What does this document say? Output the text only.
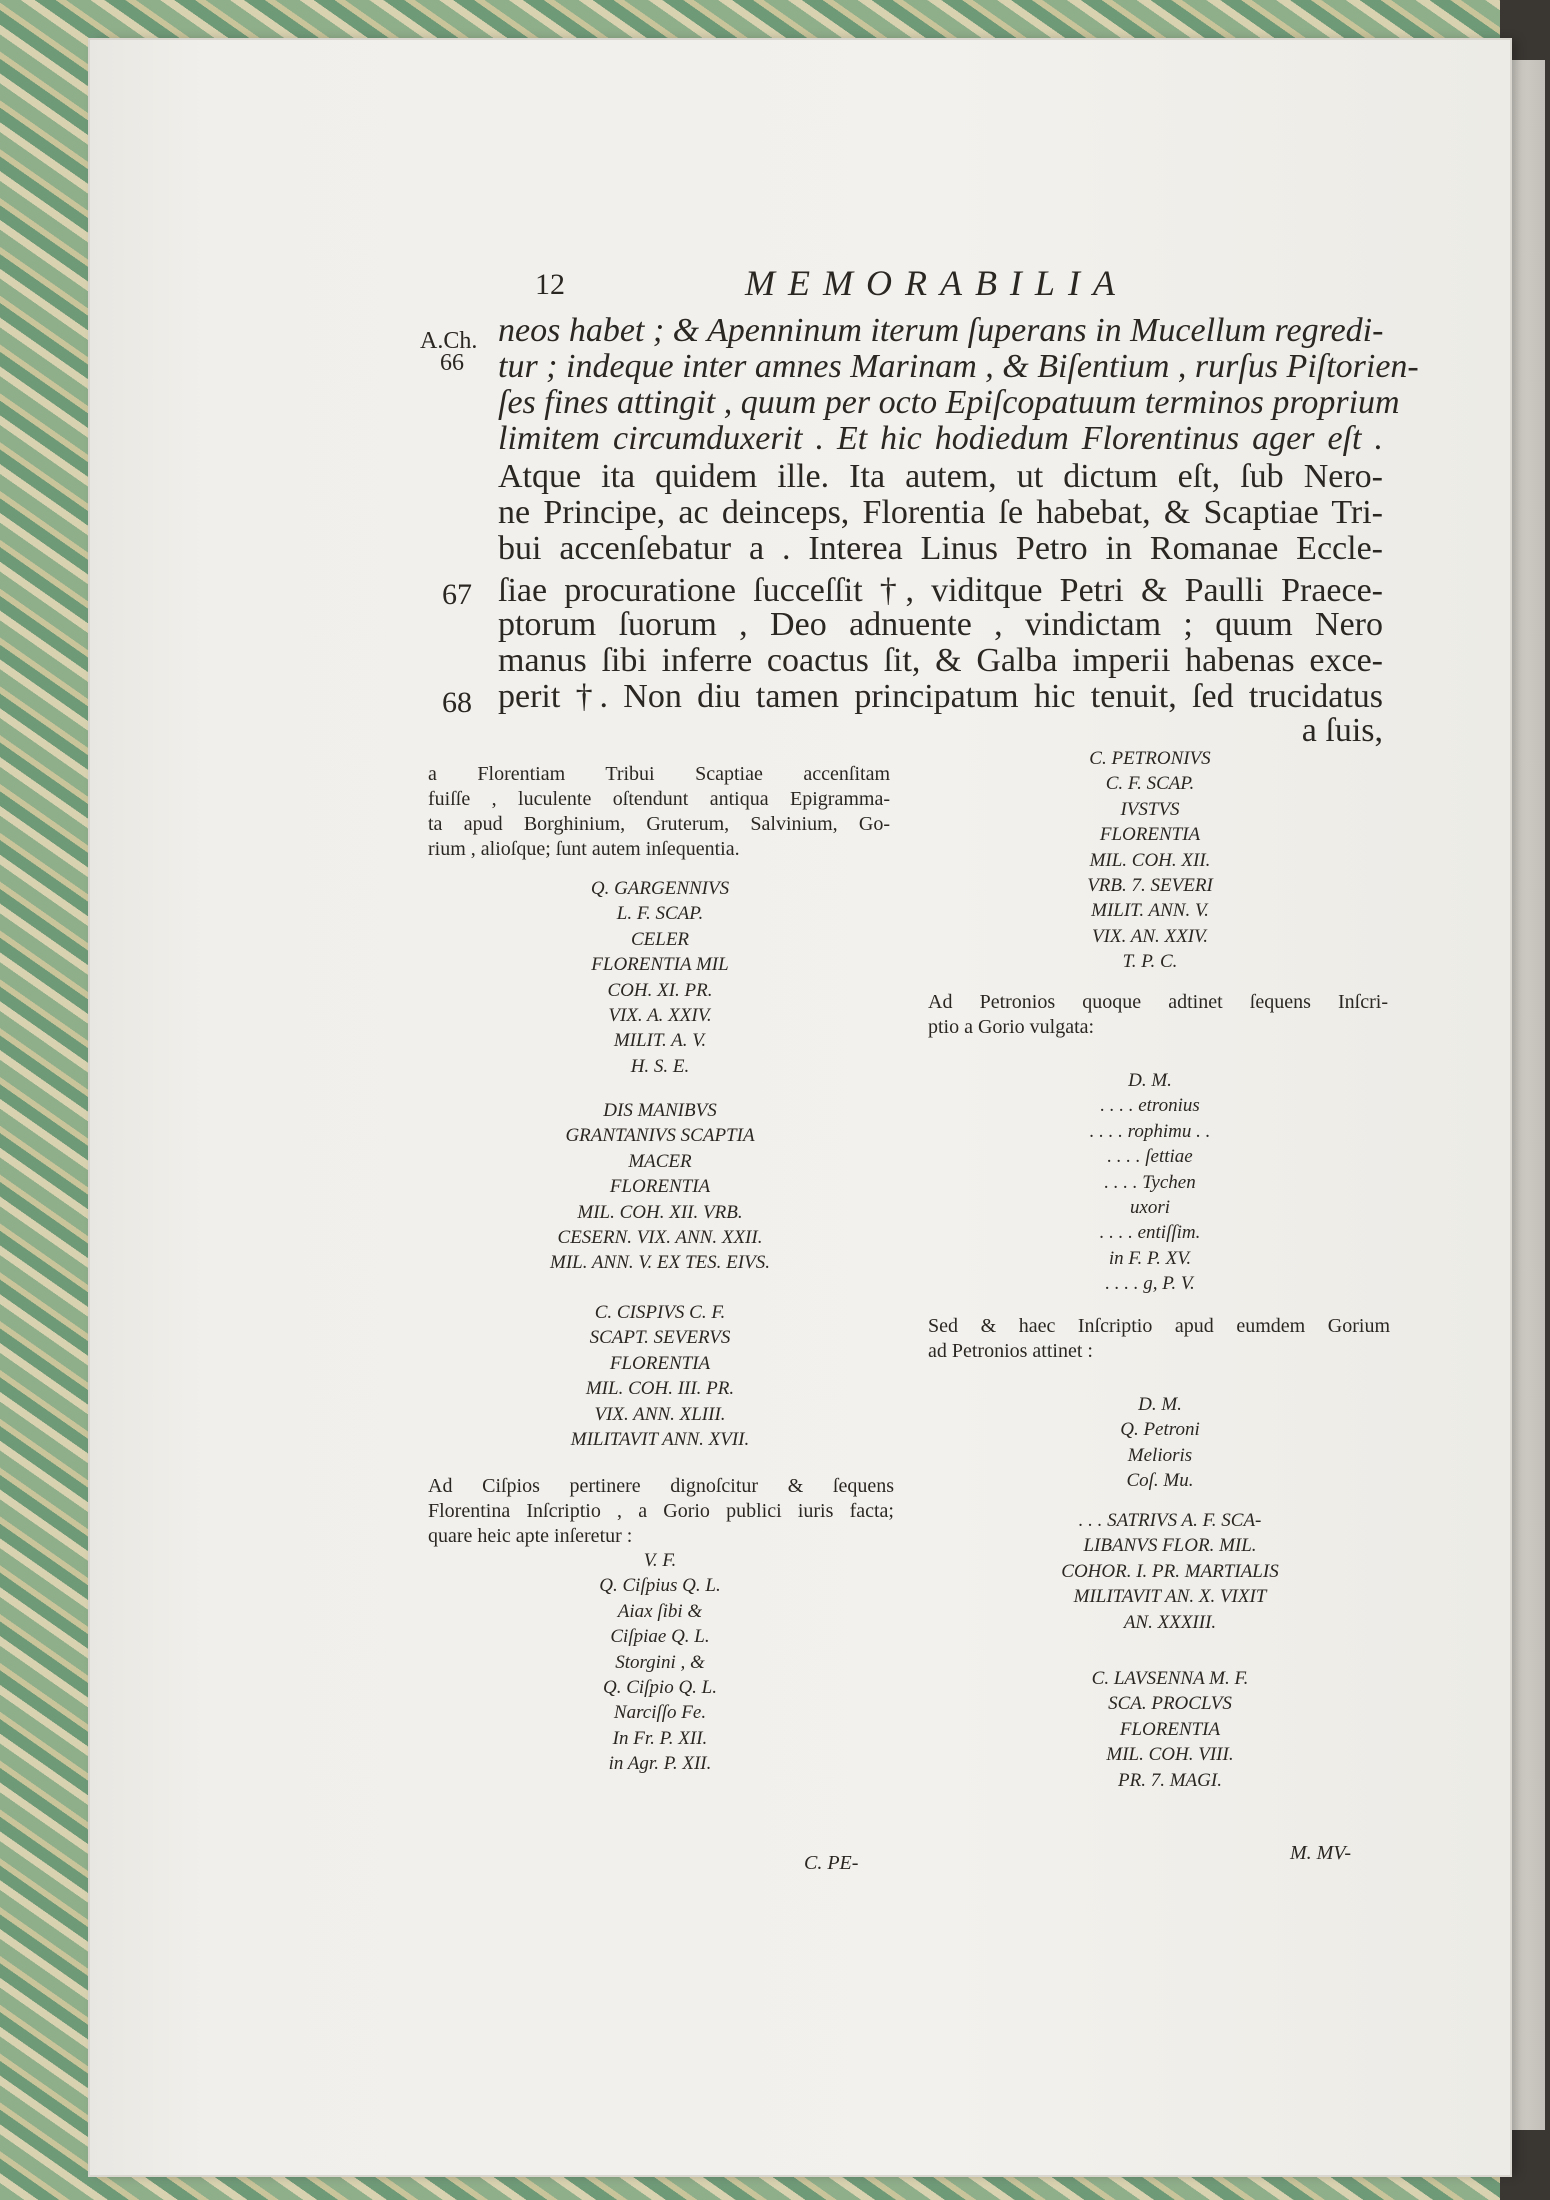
12	MEMORABILIA
A.Ch.
66
67
68
neos habet ; & Apenninum iterum ſuperans in Mucellum regredi-
tur ; indeque inter amnes Marinam , & Biſentium , rurſus Piſtorien-
ſes fines attingit , quum per octo Epiſcopatuum terminos proprium
limitem circumduxerit . Et hic hodiedum Florentinus ager eſt .
Atque ita quidem ille. Ita autem, ut dictum eſt, ſub Nero-
ne Principe, ac deinceps, Florentia ſe habebat, & Scaptiae Tri-
bui accenſebatur a . Interea Linus Petro in Romanae Eccle-
ſiae procuratione ſucceſſit †, viditque Petri & Paulli Praece-
ptorum ſuorum , Deo adnuente , vindictam ; quum Nero
manus ſibi inferre coactus ſit, & Galba imperii habenas exce-
perit †. Non diu tamen principatum hic tenuit, ſed trucidatus
a ſuis,
a Florentiam Tribui Scaptiae accenſitam
fuiſſe , luculente oſtendunt antiqua Epigramma-
ta apud Borghinium, Gruterum, Salvinium, Go-
rium , alioſque; ſunt autem inſequentia.
Q. GARGENNIVS
L. F. SCAP.
CELER
FLORENTIA MIL
COH. XI. PR.
VIX. A. XXIV.
MILIT. A. V.
H. S. E.
DIS MANIBVS
GRANTANIVS SCAPTIA
MACER
FLORENTIA
MIL. COH. XII. VRB.
CESERN. VIX. ANN. XXII.
MIL. ANN. V. EX TES. EIVS.
C. CISPIVS C. F.
SCAPT. SEVERVS
FLORENTIA
MIL. COH. III. PR.
VIX. ANN. XLIII.
MILITAVIT ANN. XVII.
Ad Ciſpios pertinere dignoſcitur & ſequens
Florentina Inſcriptio , a Gorio publici iuris facta;
quare heic apte inſeretur :
V. F.
Q. Ciſpius Q. L.
Aiax ſibi &
Ciſpiae Q. L.
Storgini , &
Q. Ciſpio Q. L.
Narciſſo Fe.
In Fr. P. XII.
in Agr. P. XII.
C. PE-
C. PETRONIVS
C. F. SCAP.
IVSTVS
FLORENTIA
MIL. COH. XII.
VRB. 7. SEVERI
MILIT. ANN. V.
VIX. AN. XXIV.
T. P. C.
Ad Petronios quoque adtinet ſequens Inſcri-
ptio a Gorio vulgata:
D. M.
. . . . etronius
. . . . rophimu . .
. . . . ſettiae
. . . . Tychen
uxori
. . . . entiſſim.
in F. P. XV.
. . . . g, P. V.
Sed & haec Inſcriptio apud eumdem Gorium
ad Petronios attinet :
D. M.
Q. Petroni
Melioris
Coſ. Mu.
. . . SATRIVS A. F. SCA-
LIBANVS FLOR. MIL.
COHOR. I. PR. MARTIALIS
MILITAVIT AN. X. VIXIT
AN. XXXIII.
C. LAVSENNA M. F.
SCA. PROCLVS
FLORENTIA
MIL. COH. VIII.
PR. 7. MAGI.
M. MV-
